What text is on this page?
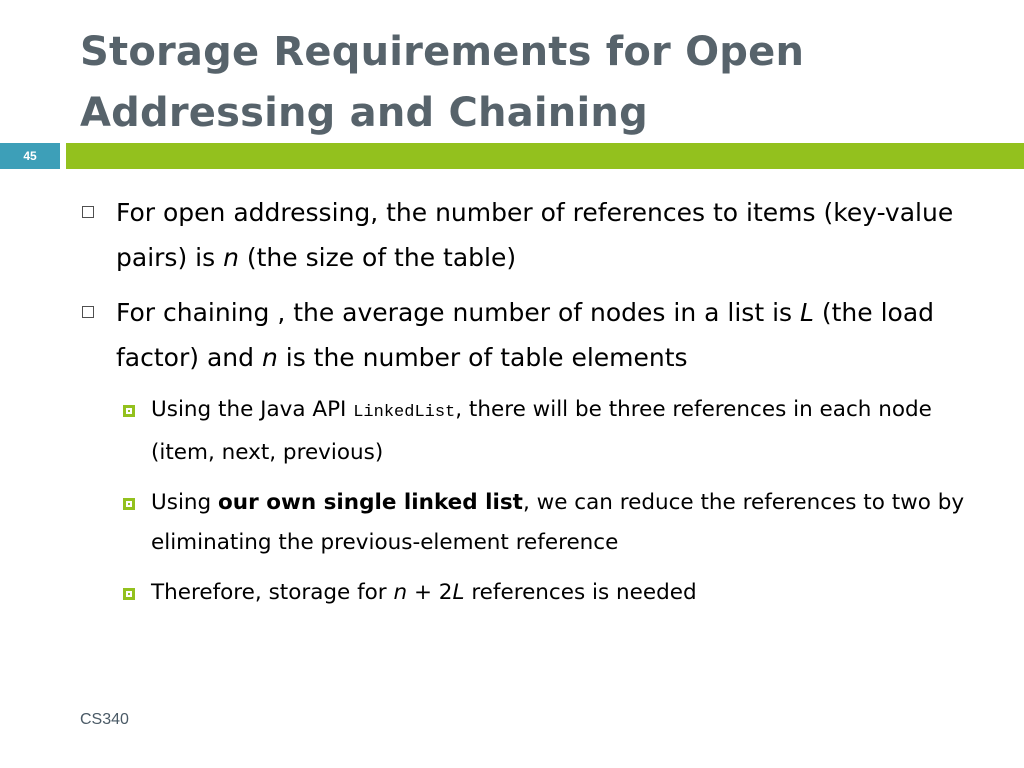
Storage Requirements for Open Addressing and Chaining
45
For open addressing, the number of references to items (key-value pairs) is n (the size of the table)
For chaining , the average number of nodes in a list is L (the load factor) and n is the number of table elements
Using the Java API LinkedList, there will be three references in each node (item, next, previous)
Using our own single linked list, we can reduce the references to two by eliminating the previous-element reference
Therefore, storage for n + 2L references is needed
CS340
